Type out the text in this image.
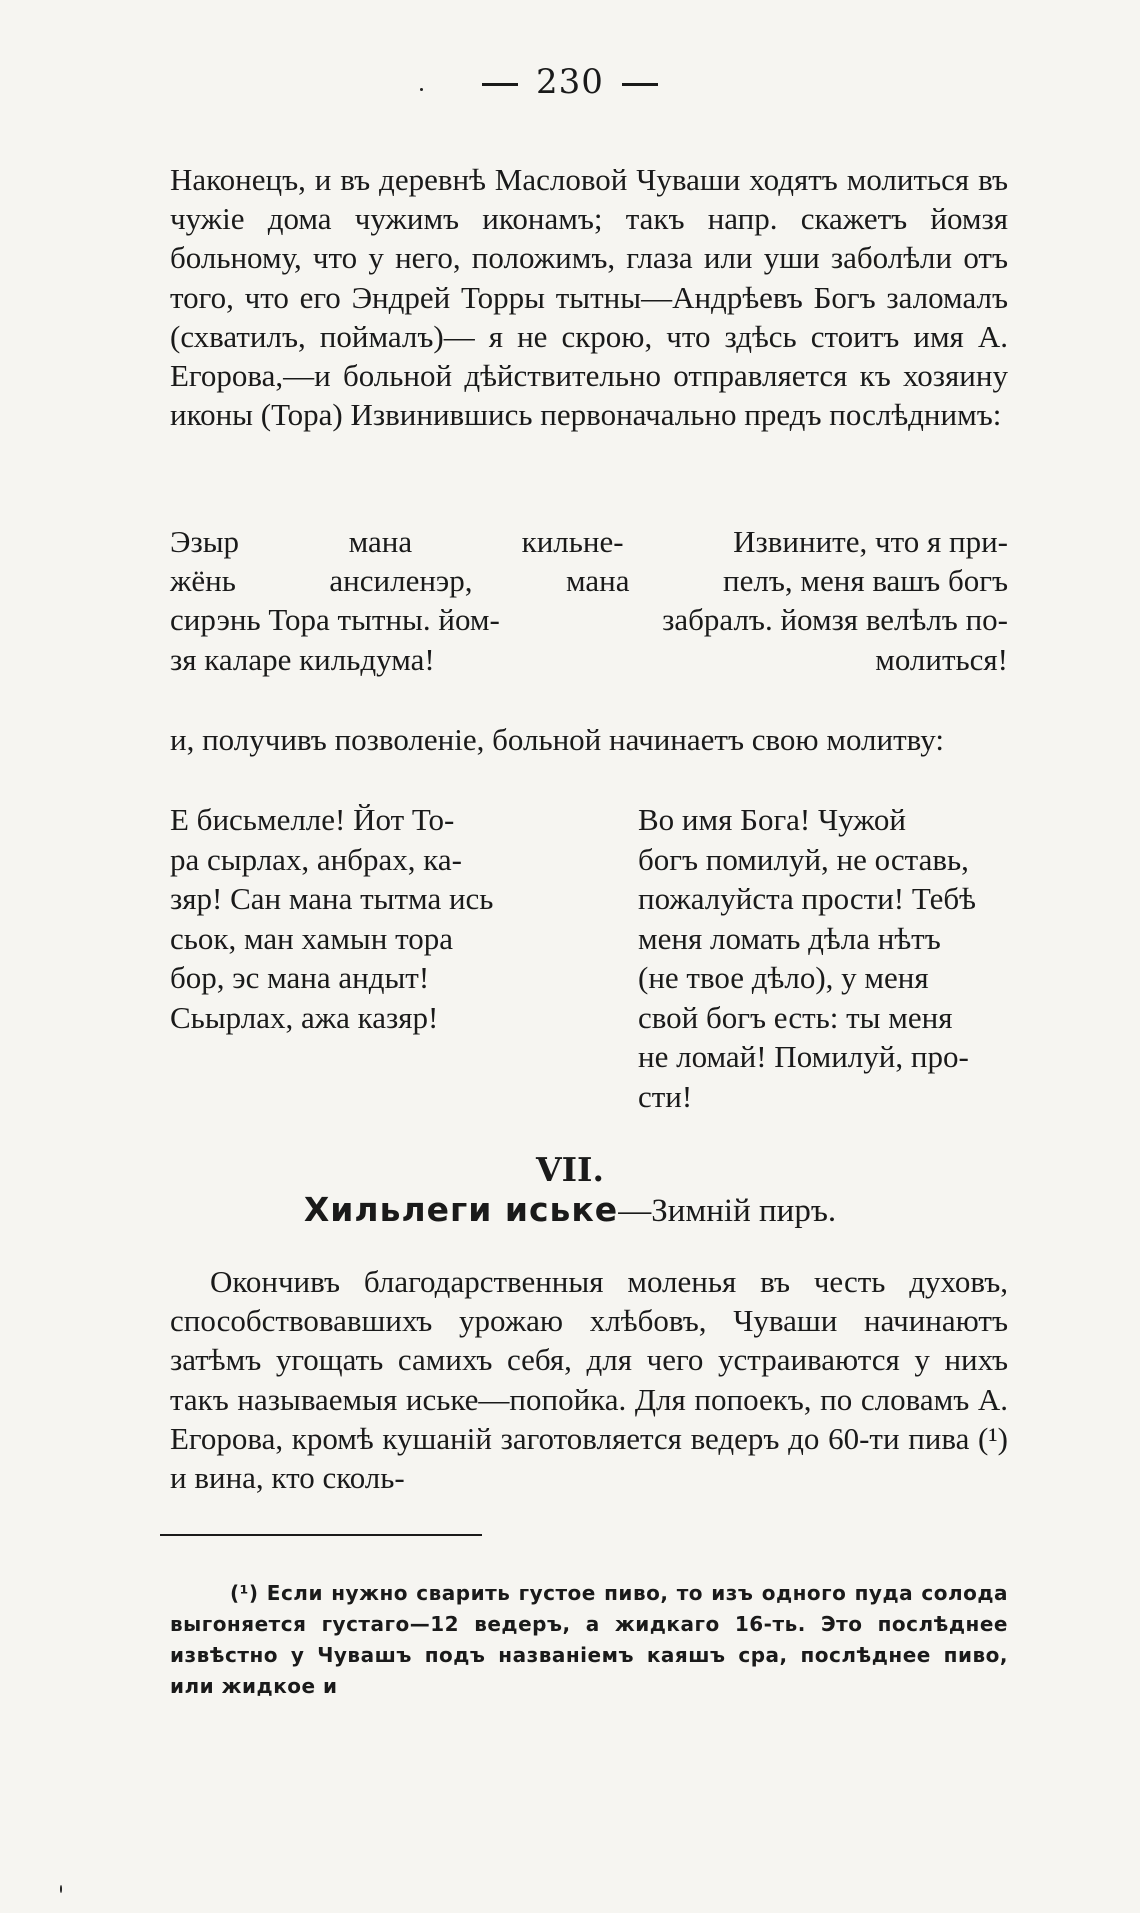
230

Наконецъ, и въ деревнѣ Масловой Чуваши ходятъ молиться въ чужіе дома чужимъ иконамъ; такъ напр. скажетъ йомзя больному, что у него, положимъ, глаза или уши заболѣли отъ того, что его Эндрей Торры тытны—Андрѣевъ Богъ заломалъ (схватилъ, поймалъ)— я не скрою, что здѣсь стоитъ имя А. Егорова,—и больной дѣйствительно отправляется къ хозяину иконы (Тора) Извинившись первоначально предъ послѣднимъ:

Эзыр	мана	кильне-	Извините, что я при-
жёнь	ансиленэр,	мана	пелъ, меня вашъ богъ
сирэнь Тора тытны. йом-	забралъ. йомзя велѣлъ по-
зя каларе кильдума!	молиться!

и, получивъ позволеніе, больной начинаетъ свою молитву:

Е бисьмелле! Йот То-
ра сырлах, анбрах, ка-
зяр! Сан мана тытма ись
сьок, ман хамын тора
бор, эс мана андыт!
Сьырлах, ажа казяр!
Во имя Бога! Чужой
богъ помилуй, не оставь,
пожалуйста прости! Тебѣ
меня ломать дѣла нѣтъ
(не твое дѣло), у меня
свой богъ есть: ты меня
не ломай! Помилуй, про-
сти!
VII.
Хильлеги иське—Зимній пиръ.

Окончивъ благодарственныя моленья въ честь духовъ, способствовавшихъ урожаю хлѣбовъ, Чуваши начинаютъ затѣмъ угощать самихъ себя, для чего устраиваются у нихъ такъ называемыя иське—попойка. Для попоекъ, по словамъ А. Егорова, кромѣ кушаній заготовляется ведеръ до 60-ти пива (¹) и вина, кто сколь-

(¹) Если нужно сварить густое пиво, то изъ одного пуда солода выгоняется густаго—12 ведеръ, а жидкаго 16-ть. Это послѣднее извѣстно у Чувашъ подъ названіемъ каяшъ сра, послѣднее пиво, или жидкое и
